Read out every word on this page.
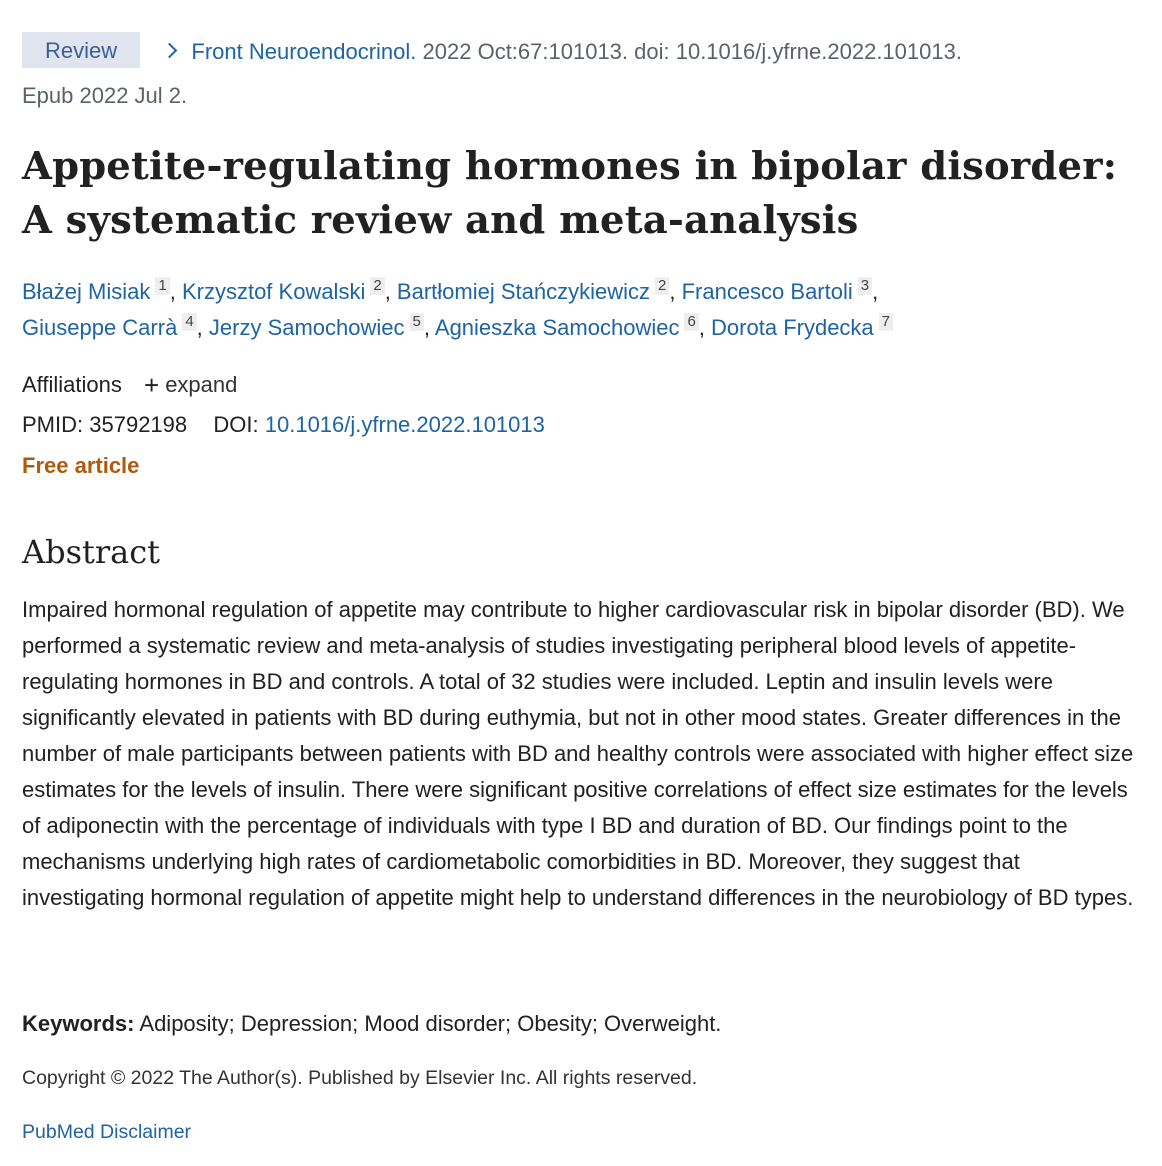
Review	Front Neuroendocrinol. 2022 Oct:67:101013. doi: 10.1016/j.yfrne.2022.101013.
Epub 2022 Jul 2.
Appetite-regulating hormones in bipolar disorder: A systematic review and meta-analysis
Błażej Misiak 1 , Krzysztof Kowalski 2 , Bartłomiej Stańczykiewicz 2 , Francesco Bartoli 3 ,
Giuseppe Carrà 4 , Jerzy Samochowiec 5 , Agnieszka Samochowiec 6 , Dorota Frydecka 7
Affiliations + expand
PMID: 35792198 DOI: 10.1016/j.yfrne.2022.101013
Free article
Abstract

Impaired hormonal regulation of appetite may contribute to higher cardiovascular risk in bipolar disorder (BD). We performed a systematic review and meta-analysis of studies investigating peripheral blood levels of appetite-regulating hormones in BD and controls. A total of 32 studies were included. Leptin and insulin levels were significantly elevated in patients with BD during euthymia, but not in other mood states. Greater differences in the number of male participants between patients with BD and healthy controls were associated with higher effect size estimates for the levels of insulin. There were significant positive correlations of effect size estimates for the levels of adiponectin with the percentage of individuals with type I BD and duration of BD. Our findings point to the mechanisms underlying high rates of cardiometabolic comorbidities in BD. Moreover, they suggest that investigating hormonal regulation of appetite might help to understand differences in the neurobiology of BD types.

Keywords: Adiposity; Depression; Mood disorder; Obesity; Overweight.
Copyright © 2022 The Author(s). Published by Elsevier Inc. All rights reserved.
PubMed Disclaimer
